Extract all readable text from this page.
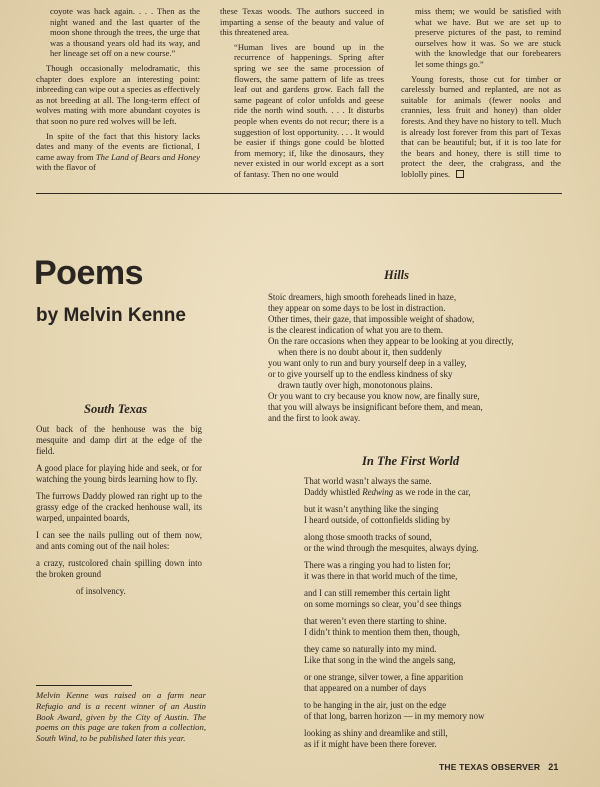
coyote was back again. . . . Then as the night waned and the last quarter of the moon shone through the trees, the urge that was a thousand years old had its way, and her lineage set off on a new course.”

Though occasionally melodramatic, this chapter does explore an interesting point: inbreeding can wipe out a species as effectively as not breeding at all. The long-term effect of wolves mating with more abundant coyotes is that soon no pure red wolves will be left.

In spite of the fact that this history lacks dates and many of the events are fictional, I came away from The Land of Bears and Honey with the flavor of

these Texas woods. The authors succeed in imparting a sense of the beauty and value of this threatened area.

“Human lives are bound up in the recurrence of happenings. Spring after spring we see the same procession of flowers, the same pattern of life as trees leaf out and gardens grow. Each fall the same pageant of color unfolds and geese ride the north wind south. . . . It disturbs people when events do not recur; there is a suggestion of lost opportunity. . . . It would be easier if things gone could be blotted from memory; if, like the dinosaurs, they never existed in our world except as a sort of fantasy. Then no one would

miss them; we would be satisfied with what we have. But we are set up to preserve pictures of the past, to remind ourselves how it was. So we are stuck with the knowledge that our forebearers let some things go.”

Young forests, those cut for timber or carelessly burned and replanted, are not as suitable for animals (fewer nooks and crannies, less fruit and honey) than older forests. And they have no history to tell. Much is already lost forever from this part of Texas that can be beautiful; but, if it is too late for the bears and honey, there is still time to protect the deer, the crabgrass, and the loblolly pines.

Poems
by Melvin Kenne
South Texas
Out back of the henhouse was the big mesquite and damp dirt at the edge of the field.
A good place for playing hide and seek, or for watching the young birds learning how to fly.
The furrows Daddy plowed ran right up to the grassy edge of the cracked henhouse wall, its warped, unpainted boards,
I can see the nails pulling out of them now, and ants coming out of the nail holes:
a crazy, rustcolored chain spilling down into the broken ground
of insolvency.
Hills
Stoic dreamers, high smooth foreheads lined in haze,
they appear on some days to be lost in distraction.
Other times, their gaze, that impossible weight of shadow,
is the clearest indication of what you are to them.
On the rare occasions when they appear to be looking at you directly,
when there is no doubt about it, then suddenly
you want only to run and bury yourself deep in a valley,
or to give yourself up to the endless kindness of sky
drawn tautly over high, monotonous plains.
Or you want to cry because you know now, are finally sure,
that you will always be insignificant before them, and mean,
and the first to look away.
In The First World
That world wasn’t always the same.
Daddy whistled Redwing as we rode in the car,
but it wasn’t anything like the singing
I heard outside, of cottonfields sliding by
along those smooth tracks of sound,
or the wind through the mesquites, always dying.
There was a ringing you had to listen for;
it was there in that world much of the time,
and I can still remember this certain light
on some mornings so clear, you’d see things
that weren’t even there starting to shine.
I didn’t think to mention them then, though,
they came so naturally into my mind.
Like that song in the wind the angels sang,
or one strange, silver tower, a fine apparition
that appeared on a number of days
to be hanging in the air, just on the edge
of that long, barren horizon — in my memory now
looking as shiny and dreamlike and still,
as if it might have been there forever.
Melvin Kenne was raised on a farm near Refugio and is a recent winner of an Austin Book Award, given by the City of Austin. The poems on this page are taken from a collection, South Wind, to be published later this year.
THE TEXAS OBSERVER 21
